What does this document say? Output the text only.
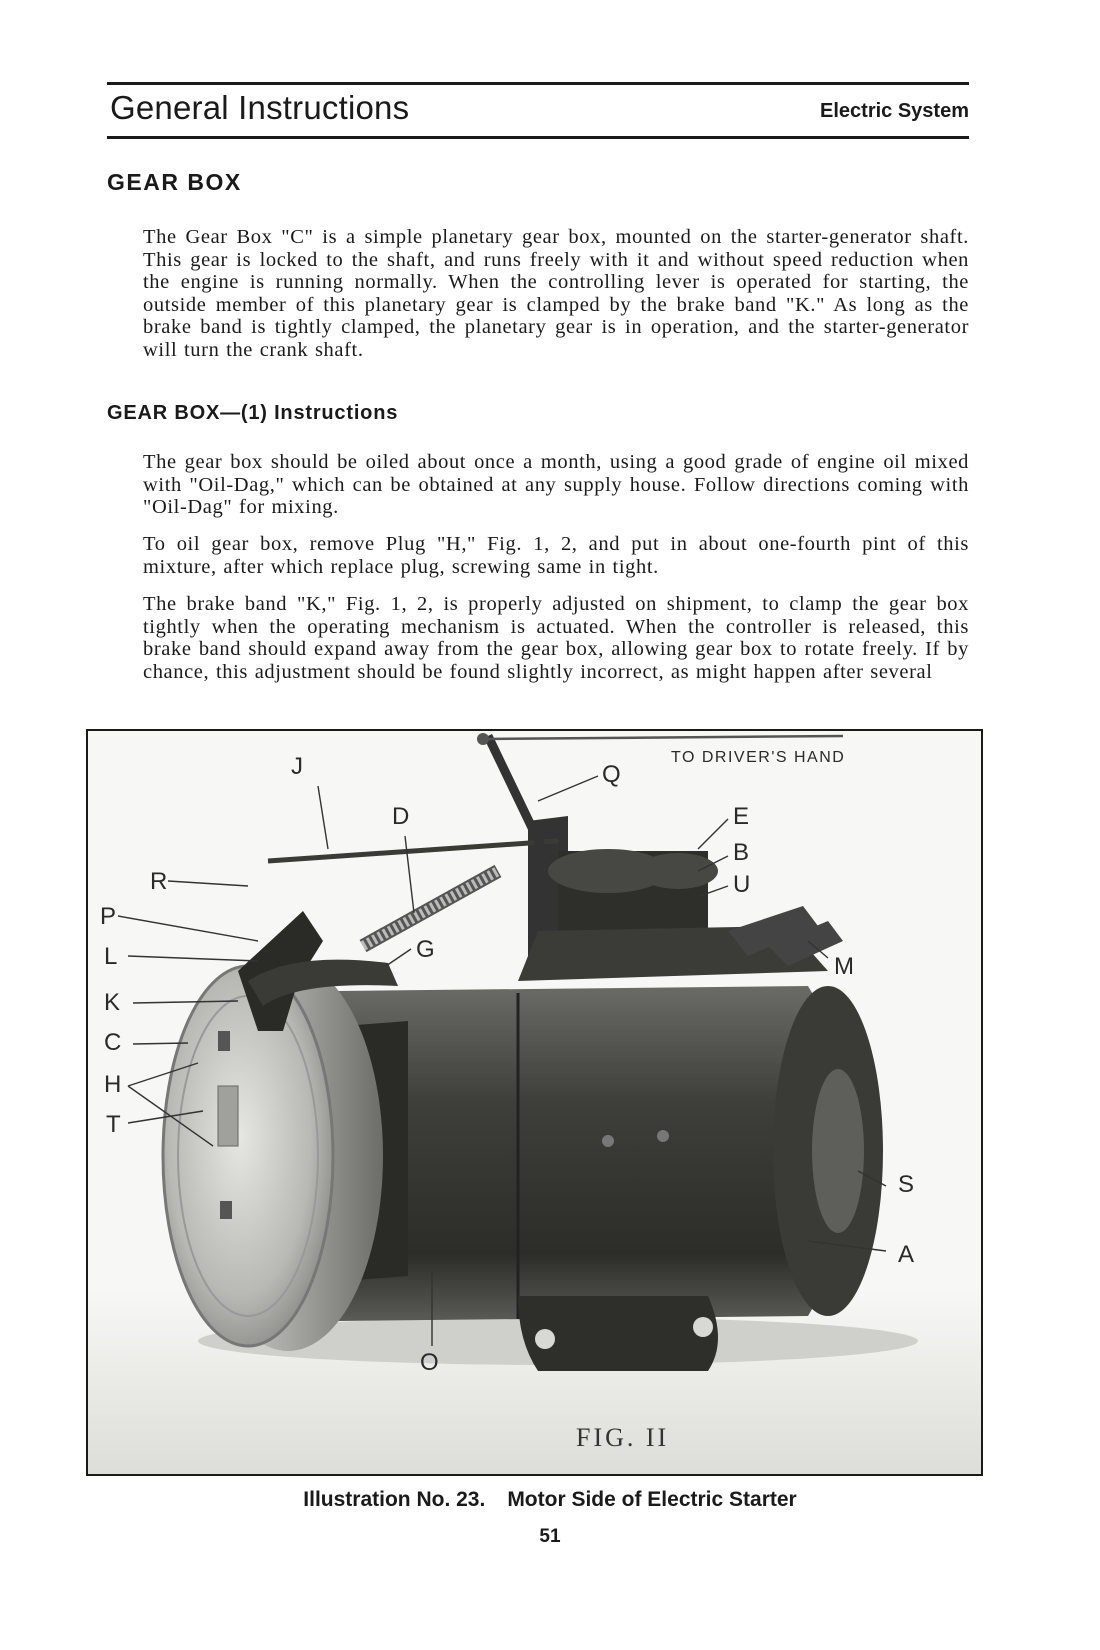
General Instructions	Electric System
GEAR BOX

The Gear Box "C" is a simple planetary gear box, mounted on the starter-generator shaft. This gear is locked to the shaft, and runs freely with it and without speed reduction when the engine is running normally. When the controlling lever is operated for starting, the outside member of this planetary gear is clamped by the brake band "K." As long as the brake band is tightly clamped, the planetary gear is in operation, and the starter-generator will turn the crank shaft.

GEAR BOX—(1) Instructions

The gear box should be oiled about once a month, using a good grade of engine oil mixed with "Oil-Dag," which can be obtained at any supply house. Follow directions coming with "Oil-Dag" for mixing.

To oil gear box, remove Plug "H," Fig. 1, 2, and put in about one-fourth pint of this mixture, after which replace plug, screwing same in tight.

The brake band "K," Fig. 1, 2, is properly adjusted on shipment, to clamp the gear box tightly when the operating mechanism is actuated. When the controller is released, this brake band should expand away from the gear box, allowing gear box to rotate freely. If by chance, this adjustment should be found slightly incorrect, as might happen after several

J
D
Q
E
B
U
R
P
L
K
C
H
T
G
M
S
A
O
TO DRIVER'S HAND
FIG. II
Illustration No. 23. Motor Side of Electric Starter
51
